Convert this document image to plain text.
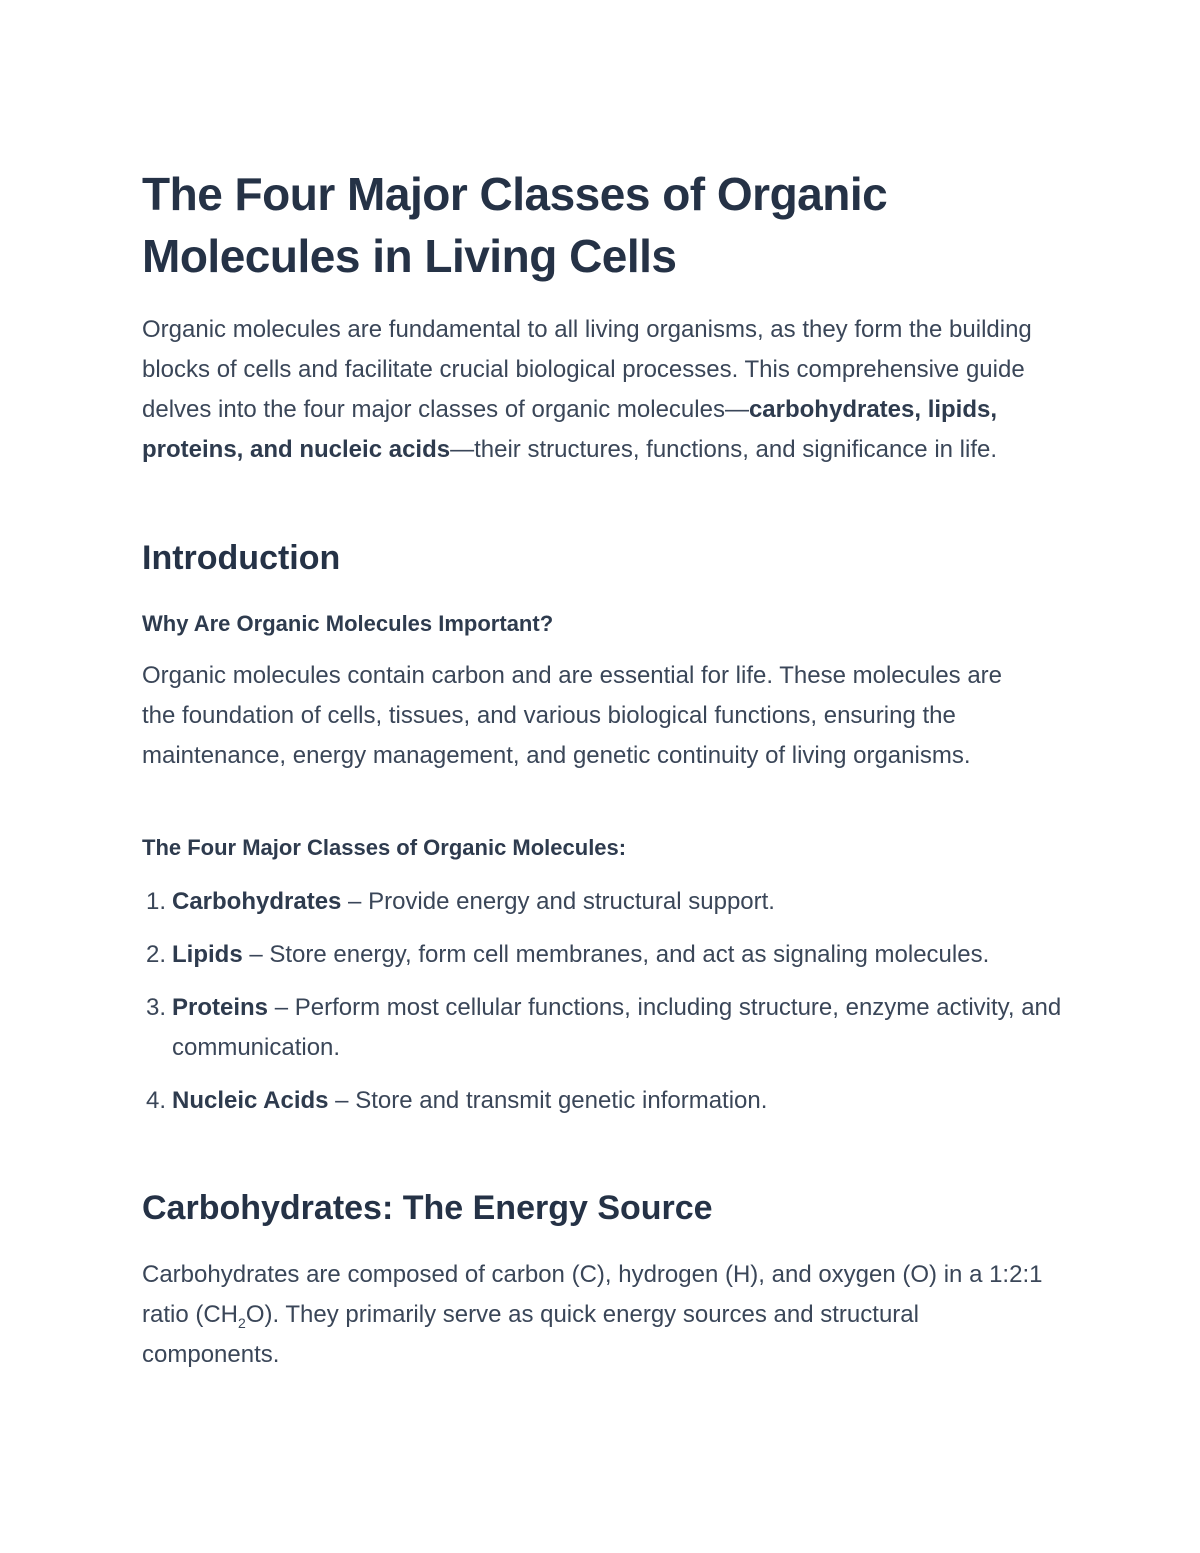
The Four Major Classes of Organic Molecules in Living Cells

Organic molecules are fundamental to all living organisms, as they form the building blocks of cells and facilitate crucial biological processes. This comprehensive guide delves into the four major classes of organic molecules—carbohydrates, lipids, proteins, and nucleic acids—their structures, functions, and significance in life.

Introduction
Why Are Organic Molecules Important?

Organic molecules contain carbon and are essential for life. These molecules are the foundation of cells, tissues, and various biological functions, ensuring the maintenance, energy management, and genetic continuity of living organisms.

The Four Major Classes of Organic Molecules:
1. Carbohydrates – Provide energy and structural support.
2. Lipids – Store energy, form cell membranes, and act as signaling molecules.
3. Proteins – Perform most cellular functions, including structure, enzyme activity, and communication.
4. Nucleic Acids – Store and transmit genetic information.
Carbohydrates: The Energy Source

Carbohydrates are composed of carbon (C), hydrogen (H), and oxygen (O) in a 1:2:1 ratio $(CH_2O)$. They primarily serve as quick energy sources and structural components.
